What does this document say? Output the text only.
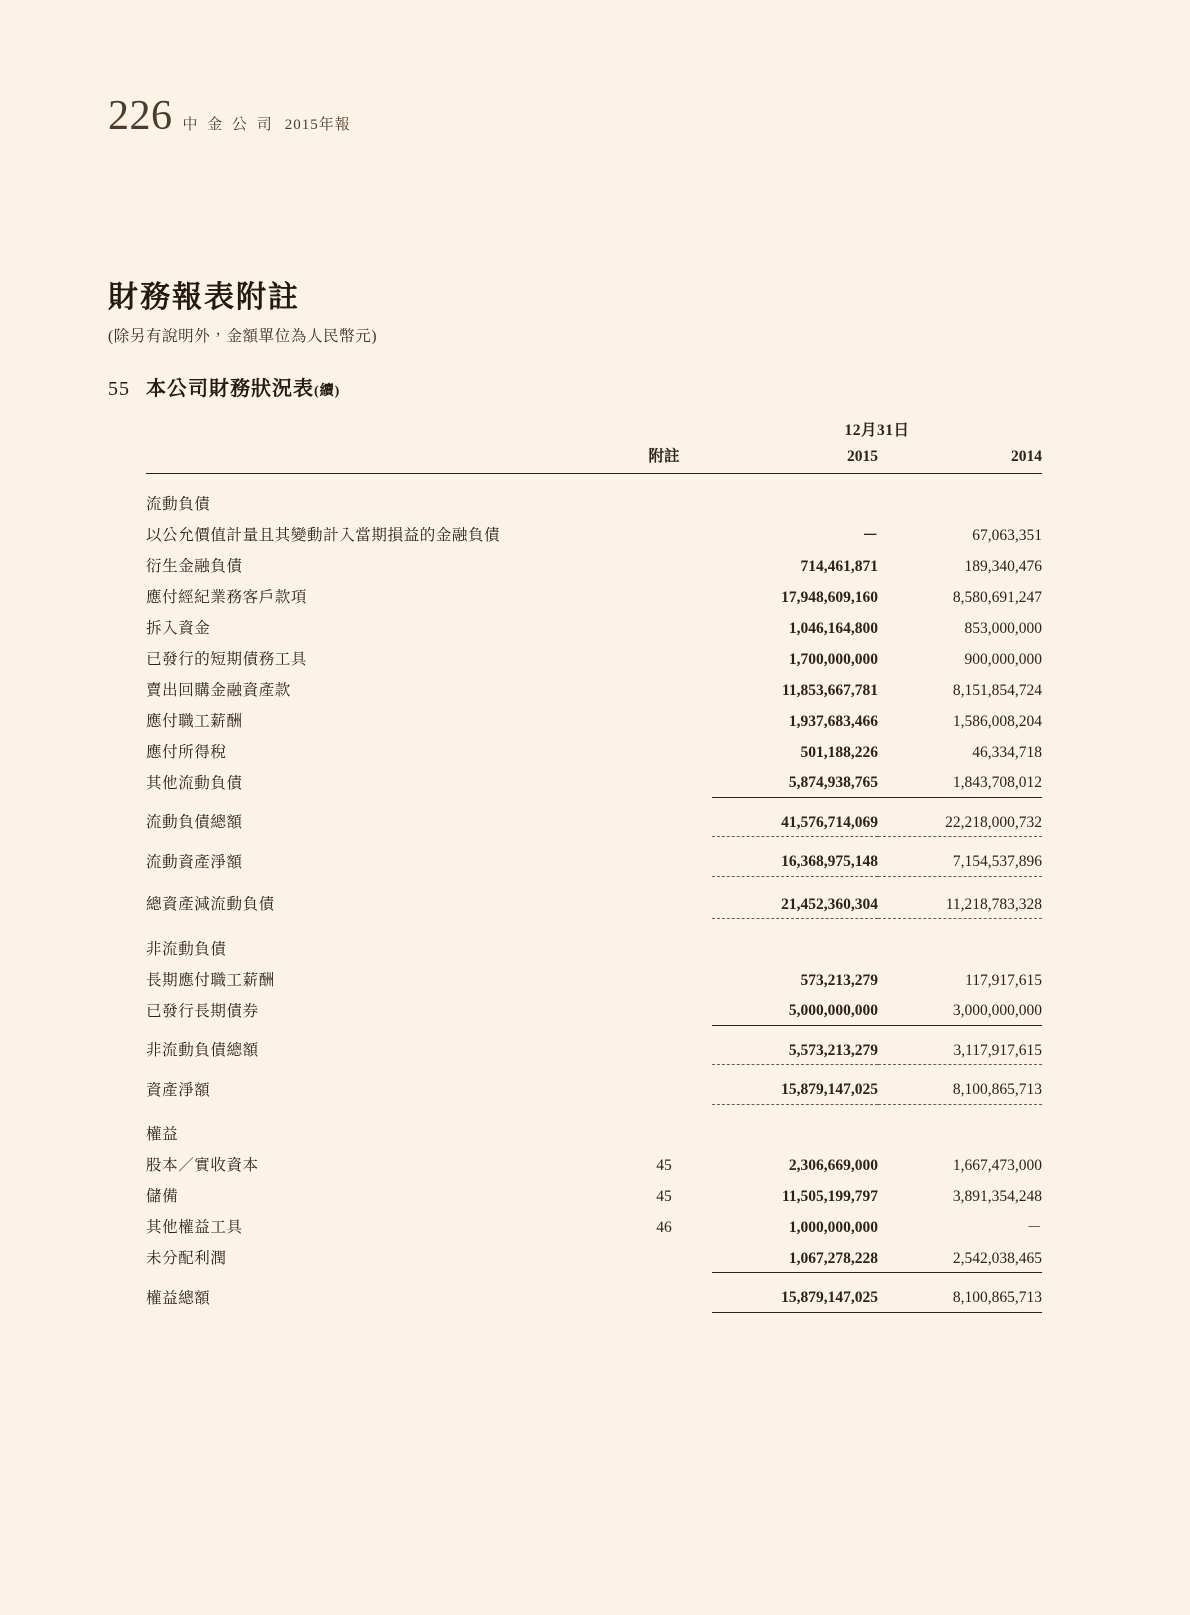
226 中 金 公 司 2015年報
財務報表附註
(除另有說明外，金額單位為人民幣元)
55 本公司財務狀況表 (續)
		12月31日	
	附註	2015	2014

流動負債			
以公允價值計量且其變動計入當期損益的金融負債		－	67,063,351
衍生金融負債		714,461,871	189,340,476
應付經紀業務客戶款項		17,948,609,160	8,580,691,247
拆入資金		1,046,164,800	853,000,000
已發行的短期債務工具		1,700,000,000	900,000,000
賣出回購金融資產款		11,853,667,781	8,151,854,724
應付職工薪酬		1,937,683,466	1,586,008,204
應付所得稅		501,188,226	46,334,718
其他流動負債		5,874,938,765	1,843,708,012

流動負債總額		41,576,714,069	22,218,000,732

流動資產淨額		16,368,975,148	7,154,537,896

總資產減流動負債		21,452,360,304	11,218,783,328

非流動負債			
長期應付職工薪酬		573,213,279	117,917,615
已發行長期債券		5,000,000,000	3,000,000,000

非流動負債總額		5,573,213,279	3,117,917,615

資產淨額		15,879,147,025	8,100,865,713

權益			
股本／實收資本	45	2,306,669,000	1,667,473,000
儲備	45	11,505,199,797	3,891,354,248
其他權益工具	46	1,000,000,000	－
未分配利潤		1,067,278,228	2,542,038,465

權益總額		15,879,147,025	8,100,865,713
